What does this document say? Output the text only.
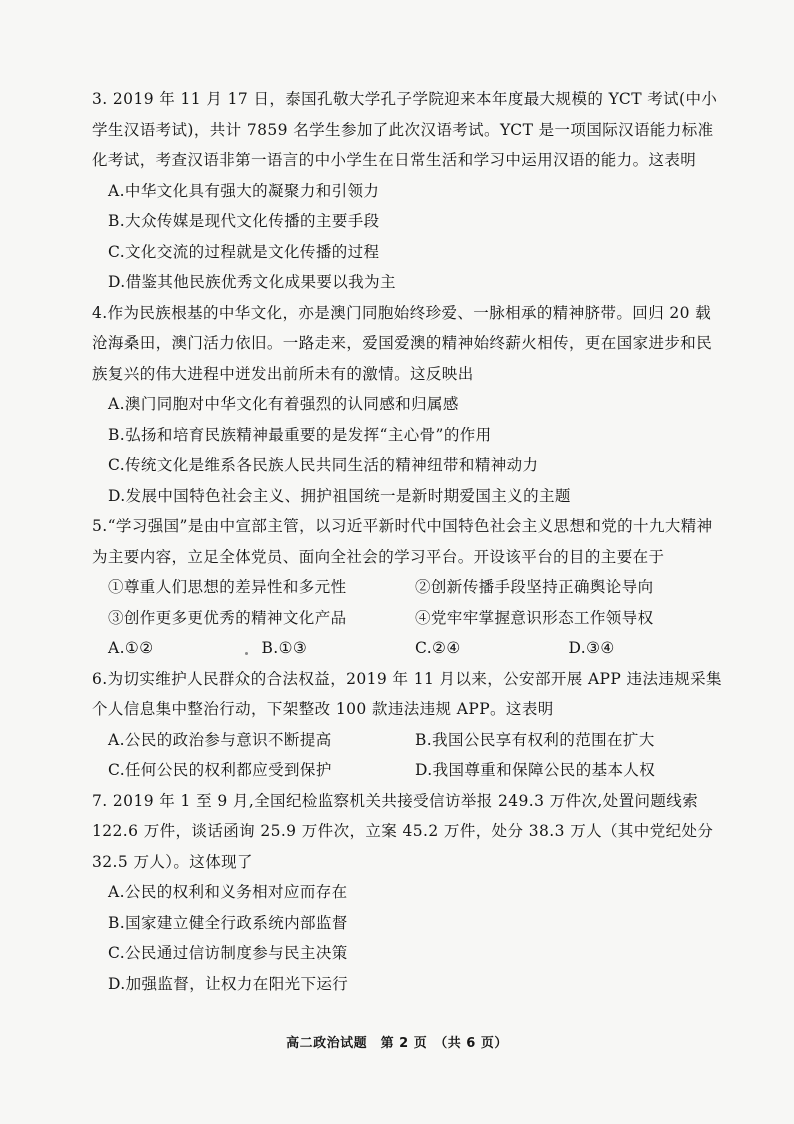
3. 2019 年 11 月 17 日，泰国孔敬大学孔子学院迎来本年度最大规模的 YCT 考试(中小学生汉语考试)，共计 7859 名学生参加了此次汉语考试。YCT 是一项国际汉语能力标准化考试，考查汉语非第一语言的中小学生在日常生活和学习中运用汉语的能力。这表明
A.中华文化具有强大的凝聚力和引领力
B.大众传媒是现代文化传播的主要手段
C.文化交流的过程就是文化传播的过程
D.借鉴其他民族优秀文化成果要以我为主
4.作为民族根基的中华文化，亦是澳门同胞始终珍爱、一脉相承的精神脐带。回归 20 载沧海桑田，澳门活力依旧。一路走来，爱国爱澳的精神始终薪火相传，更在国家进步和民族复兴的伟大进程中迸发出前所未有的激情。这反映出
A.澳门同胞对中华文化有着强烈的认同感和归属感
B.弘扬和培育民族精神最重要的是发挥“主心骨”的作用
C.传统文化是维系各民族人民共同生活的精神纽带和精神动力
D.发展中国特色社会主义、拥护祖国统一是新时期爱国主义的主题
5.“学习强国”是由中宣部主管，以习近平新时代中国特色社会主义思想和党的十九大精神为主要内容，立足全体党员、面向全社会的学习平台。开设该平台的目的主要在于
①尊重人们思想的差异性和多元性	②创新传播手段坚持正确舆论导向
③创作更多更优秀的精神文化产品	④党牢牢掌握意识形态工作领导权
A.①②	B.①③	C.②④	D.③④
6.为切实维护人民群众的合法权益，2019 年 11 月以来，公安部开展 APP 违法违规采集个人信息集中整治行动，下架整改 100 款违法违规 APP。这表明
A.公民的政治参与意识不断提高	B.我国公民享有权利的范围在扩大
C.任何公民的权利都应受到保护	D.我国尊重和保障公民的基本人权
7. 2019 年 1 至 9 月,全国纪检监察机关共接受信访举报 249.3 万件次,处置问题线索 122.6 万件，谈话函询 25.9 万件次，立案 45.2 万件，处分 38.3 万人（其中党纪处分 32.5 万人）。这体现了
A.公民的权利和义务相对应而存在
B.国家建立健全行政系统内部监督
C.公民通过信访制度参与民主决策
D.加强监督，让权力在阳光下运行
高二政治试题　第 2 页　（共 6 页）
